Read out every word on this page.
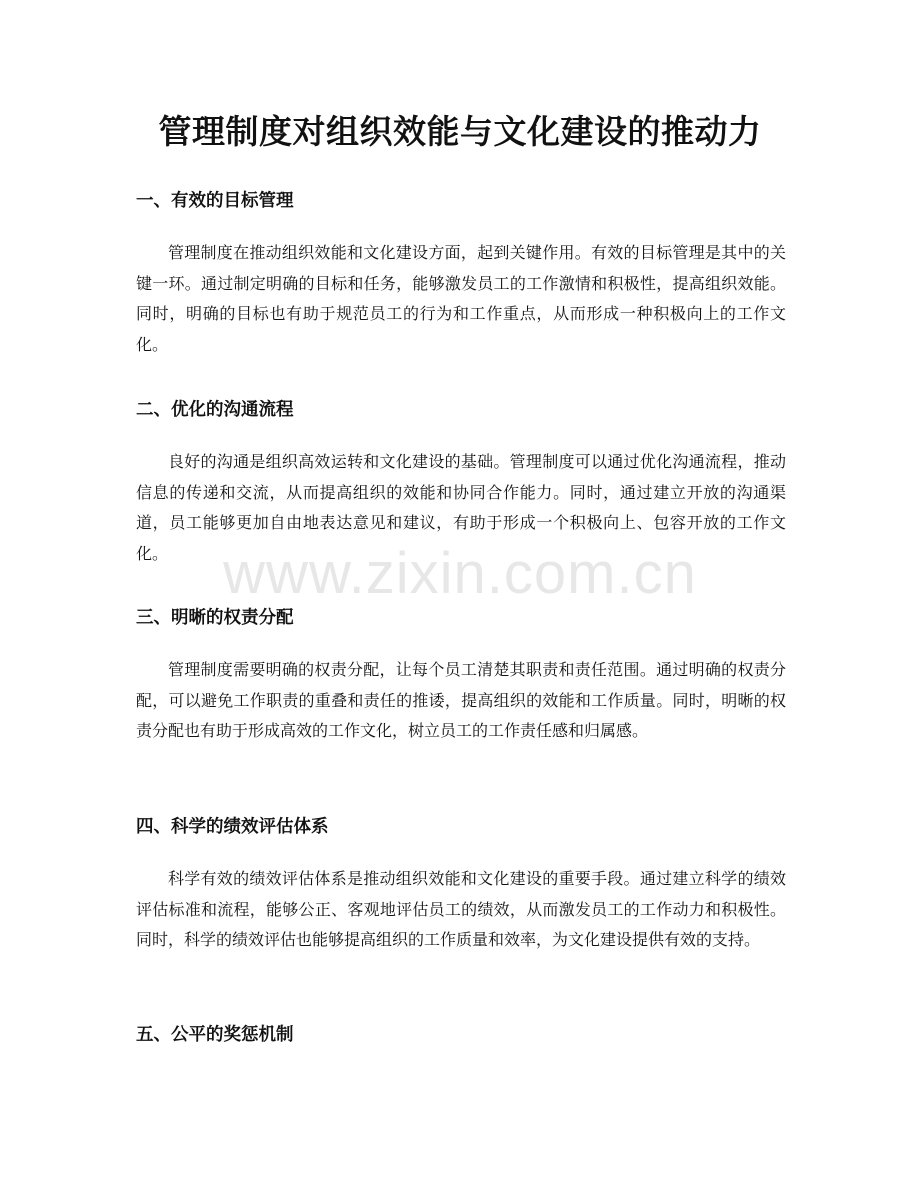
管理制度对组织效能与文化建设的推动力
一、有效的目标管理

管理制度在推动组织效能和文化建设方面，起到关键作用。有效的目标管理是其中的关键一环。通过制定明确的目标和任务，能够激发员工的工作激情和积极性，提高组织效能。同时，明确的目标也有助于规范员工的行为和工作重点，从而形成一种积极向上的工作文化。

二、优化的沟通流程

良好的沟通是组织高效运转和文化建设的基础。管理制度可以通过优化沟通流程，推动信息的传递和交流，从而提高组织的效能和协同合作能力。同时，通过建立开放的沟通渠道，员工能够更加自由地表达意见和建议，有助于形成一个积极向上、包容开放的工作文化。

三、明晰的权责分配

管理制度需要明确的权责分配，让每个员工清楚其职责和责任范围。通过明确的权责分配，可以避免工作职责的重叠和责任的推诿，提高组织的效能和工作质量。同时，明晰的权责分配也有助于形成高效的工作文化，树立员工的工作责任感和归属感。

四、科学的绩效评估体系

科学有效的绩效评估体系是推动组织效能和文化建设的重要手段。通过建立科学的绩效评估标准和流程，能够公正、客观地评估员工的绩效，从而激发员工的工作动力和积极性。同时，科学的绩效评估也能够提高组织的工作质量和效率，为文化建设提供有效的支持。

五、公平的奖惩机制
www.zixin.com.cn
